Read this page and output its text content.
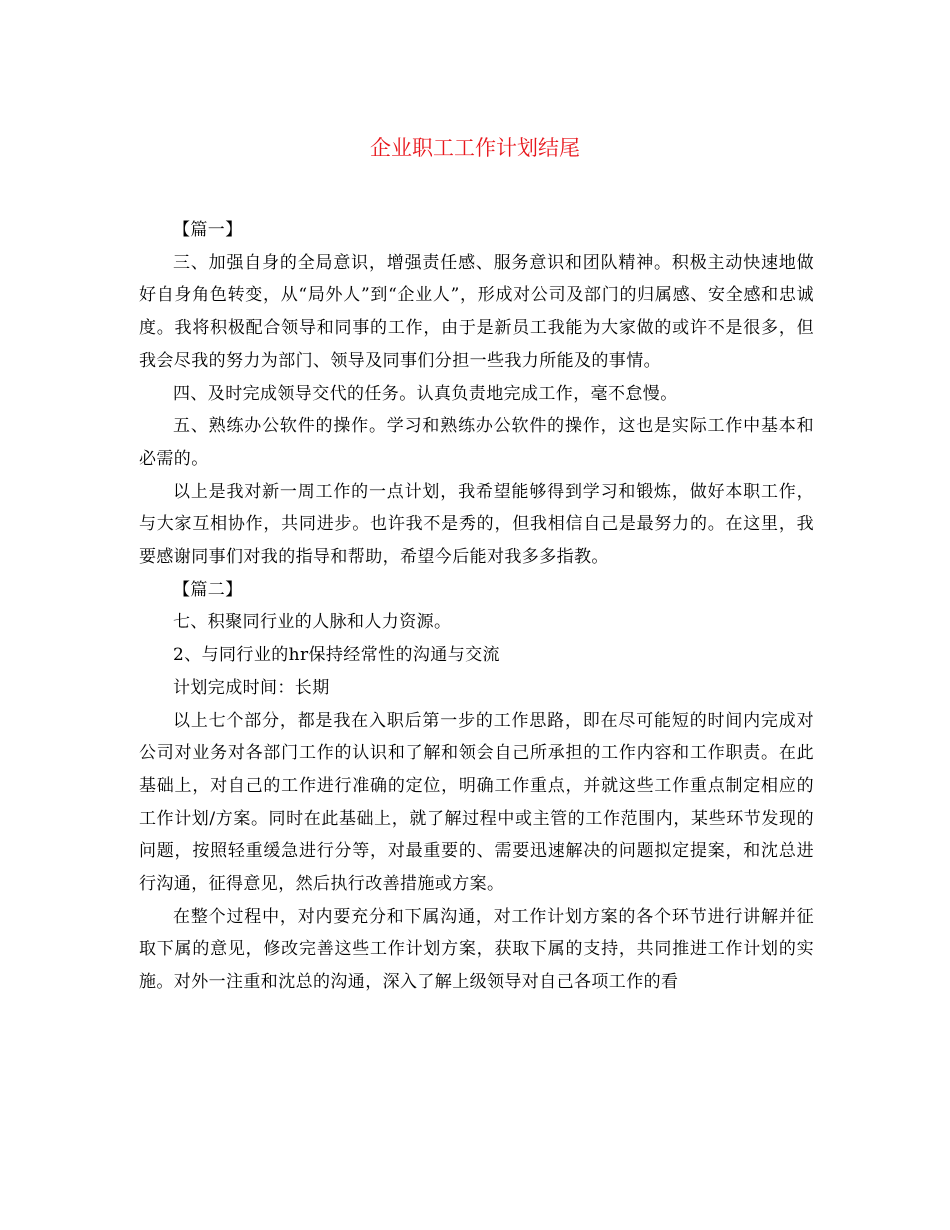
企业职工工作计划结尾

【篇一】

三、加强自身的全局意识，增强责任感、服务意识和团队精神。积极主动快速地做好自身角色转变，从“局外人”到“企业人”，形成对公司及部门的归属感、安全感和忠诚度。我将积极配合领导和同事的工作，由于是新员工我能为大家做的或许不是很多，但我会尽我的努力为部门、领导及同事们分担一些我力所能及的事情。

四、及时完成领导交代的任务。认真负责地完成工作，毫不怠慢。

五、熟练办公软件的操作。学习和熟练办公软件的操作，这也是实际工作中基本和必需的。

以上是我对新一周工作的一点计划，我希望能够得到学习和锻炼，做好本职工作，与大家互相协作，共同进步。也许我不是秀的，但我相信自己是最努力的。在这里，我要感谢同事们对我的指导和帮助，希望今后能对我多多指教。

【篇二】

七、积聚同行业的人脉和人力资源。

2、与同行业的hr保持经常性的沟通与交流

计划完成时间：长期

以上七个部分，都是我在入职后第一步的工作思路，即在尽可能短的时间内完成对公司对业务对各部门工作的认识和了解和领会自己所承担的工作内容和工作职责。在此基础上，对自己的工作进行准确的定位，明确工作重点，并就这些工作重点制定相应的工作计划/方案。同时在此基础上，就了解过程中或主管的工作范围内，某些环节发现的问题，按照轻重缓急进行分等，对最重要的、需要迅速解决的问题拟定提案，和沈总进行沟通，征得意见，然后执行改善措施或方案。

在整个过程中，对内要充分和下属沟通，对工作计划方案的各个环节进行讲解并征取下属的意见，修改完善这些工作计划方案，获取下属的支持，共同推进工作计划的实施。对外一注重和沈总的沟通，深入了解上级领导对自己各项工作的看
